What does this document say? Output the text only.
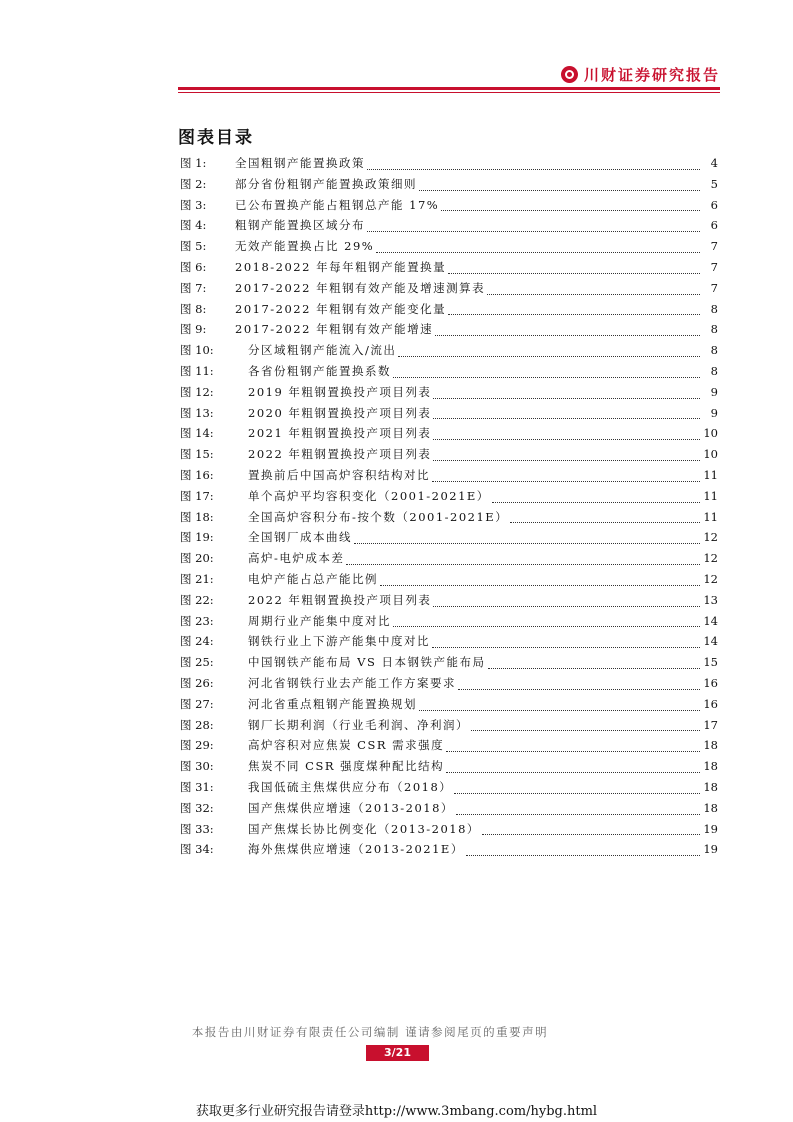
川财证券研究报告
图表目录
图 1:	全国粗钢产能置换政策	4
图 2:	部分省份粗钢产能置换政策细则	5
图 3:	已公布置换产能占粗钢总产能 17%	6
图 4:	粗钢产能置换区域分布	6
图 5:	无效产能置换占比 29%	7
图 6:	2018-2022 年每年粗钢产能置换量	7
图 7:	2017-2022 年粗钢有效产能及增速测算表	7
图 8:	2017-2022 年粗钢有效产能变化量	8
图 9:	2017-2022 年粗钢有效产能增速	8
图 10:	分区域粗钢产能流入/流出	8
图 11:	各省份粗钢产能置换系数	8
图 12:	2019 年粗钢置换投产项目列表	9
图 13:	2020 年粗钢置换投产项目列表	9
图 14:	2021 年粗钢置换投产项目列表	10
图 15:	2022 年粗钢置换投产项目列表	10
图 16:	置换前后中国高炉容积结构对比	11
图 17:	单个高炉平均容积变化（2001-2021E）	11
图 18:	全国高炉容积分布-按个数（2001-2021E）	11
图 19:	全国钢厂成本曲线	12
图 20:	高炉-电炉成本差	12
图 21:	电炉产能占总产能比例	12
图 22:	2022 年粗钢置换投产项目列表	13
图 23:	周期行业产能集中度对比	14
图 24:	钢铁行业上下游产能集中度对比	14
图 25:	中国钢铁产能布局 VS 日本钢铁产能布局	15
图 26:	河北省钢铁行业去产能工作方案要求	16
图 27:	河北省重点粗钢产能置换规划	16
图 28:	钢厂长期利润（行业毛利润、净利润）	17
图 29:	高炉容积对应焦炭 CSR 需求强度	18
图 30:	焦炭不同 CSR 强度煤种配比结构	18
图 31:	我国低硫主焦煤供应分布（2018）	18
图 32:	国产焦煤供应增速（2013-2018）	18
图 33:	国产焦煤长协比例变化（2013-2018）	19
图 34:	海外焦煤供应增速（2013-2021E）	19
本报告由川财证券有限责任公司编制 谨请参阅尾页的重要声明
3/21
获取更多行业研究报告请登录http://www.3mbang.com/hybg.html
